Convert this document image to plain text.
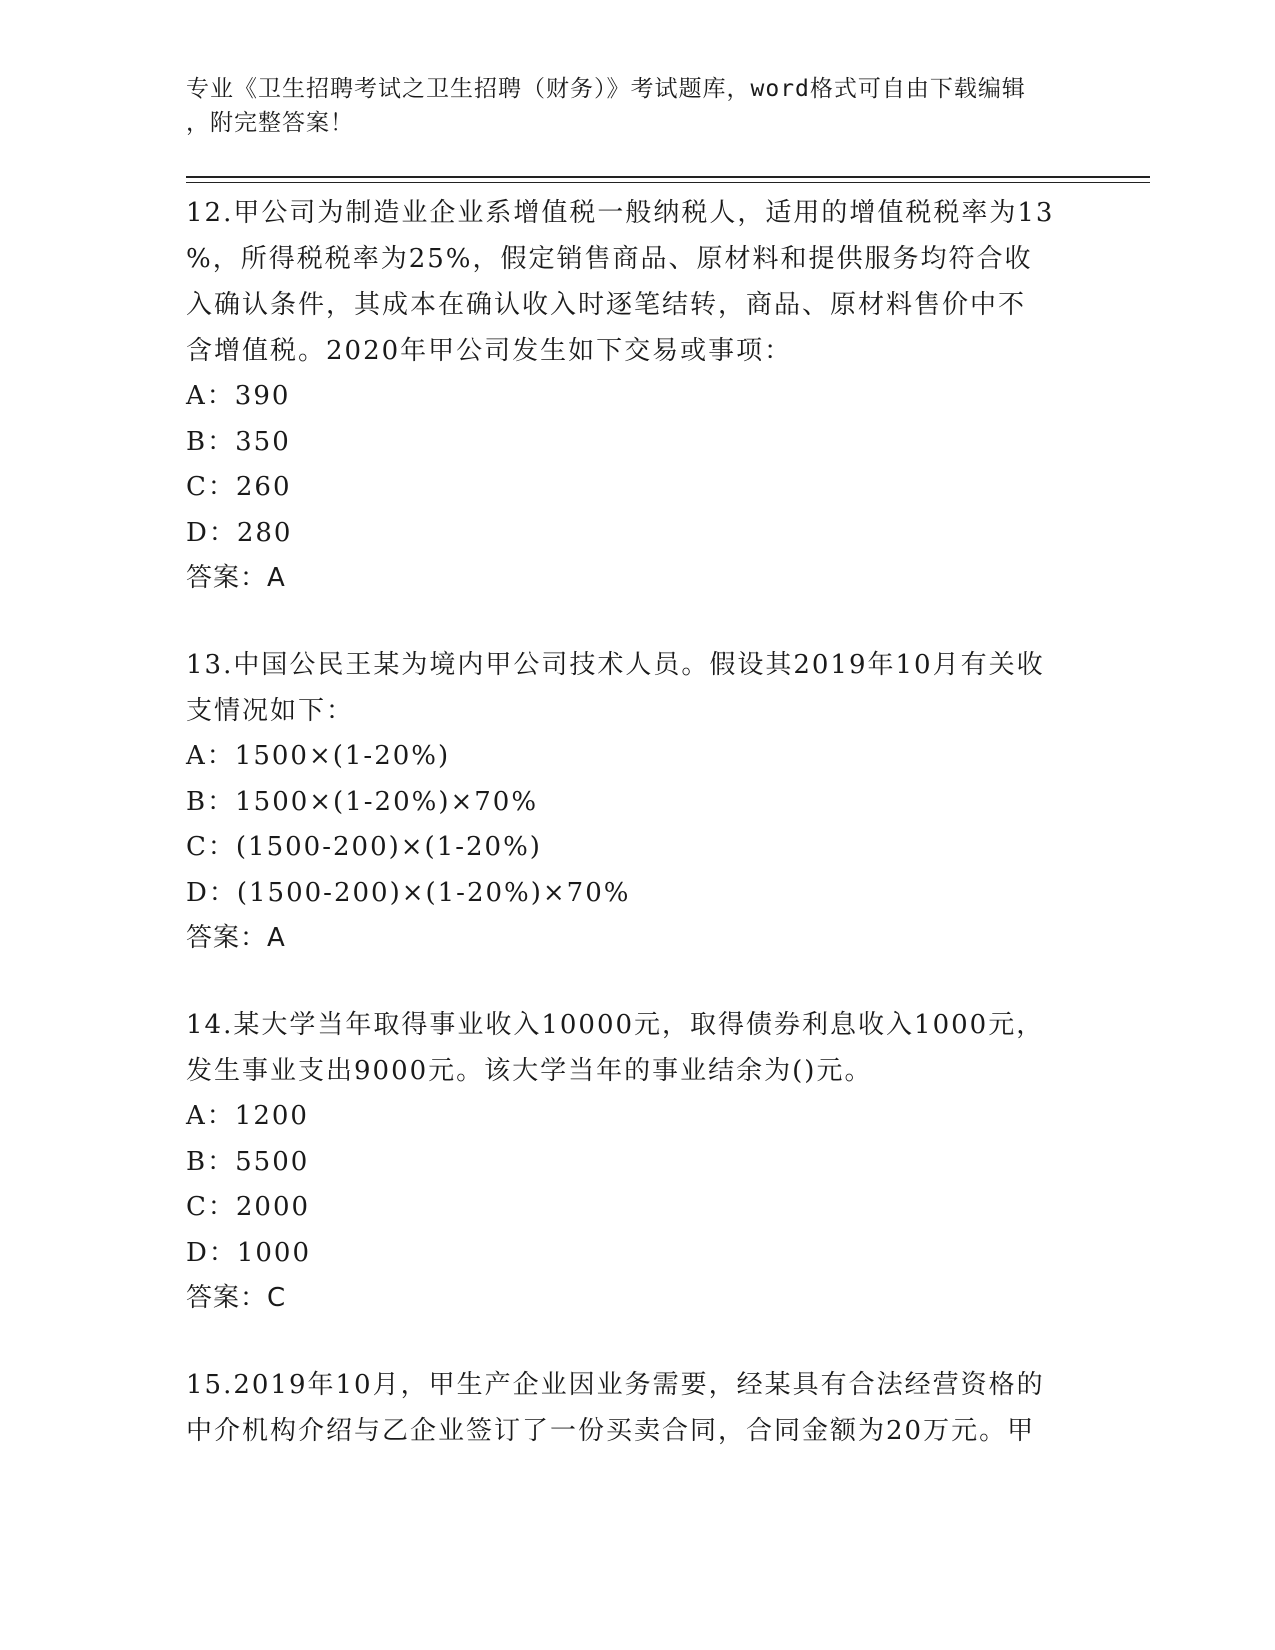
专业《卫生招聘考试之卫生招聘（财务）》考试题库，word格式可自由下载编辑
，附完整答案！
12.甲公司为制造业企业系增值税一般纳税人，适用的增值税税率为13
%，所得税税率为25%，假定销售商品、原材料和提供服务均符合收
入确认条件，其成本在确认收入时逐笔结转，商品、原材料售价中不
含增值税。2020年甲公司发生如下交易或事项：
A：390
B：350
C：260
D：280
答案：A
13.中国公民王某为境内甲公司技术人员。假设其2019年10月有关收
支情况如下：
A：1500×(1-20%)
B：1500×(1-20%)×70%
C：(1500-200)×(1-20%)
D：(1500-200)×(1-20%)×70%
答案：A
14.某大学当年取得事业收入10000元，取得债券利息收入1000元，
发生事业支出9000元。该大学当年的事业结余为()元。
A：1200
B：5500
C：2000
D：1000
答案：C
15.2019年10月，甲生产企业因业务需要，经某具有合法经营资格的
中介机构介绍与乙企业签订了一份买卖合同，合同金额为20万元。甲
